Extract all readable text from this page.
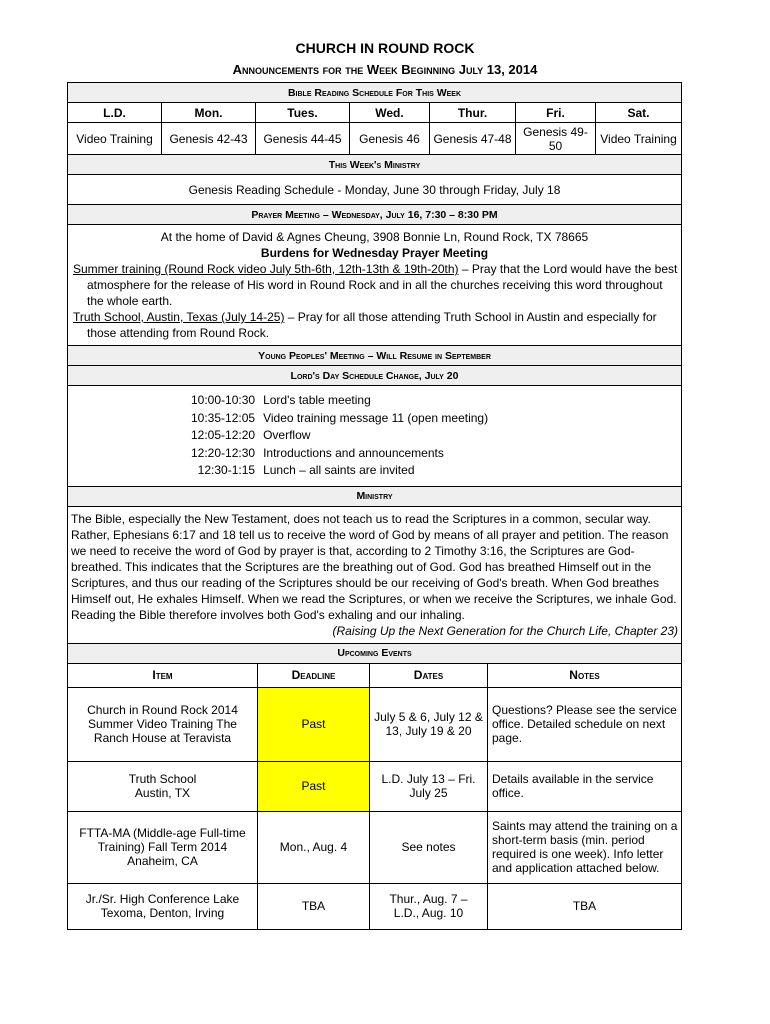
CHURCH IN ROUND ROCK
Announcements for the Week Beginning July 13, 2014
Bible Reading Schedule For This Week
L.D.	Mon.	Tues.	Wed.	Thur.	Fri.	Sat.
Video Training	Genesis 42-43	Genesis 44-45	Genesis 46	Genesis 47-48	Genesis 49-50	Video Training
This Week's Ministry
Genesis Reading Schedule - Monday, June 30 through Friday, July 18
Prayer Meeting – Wednesday, July 16, 7:30 – 8:30 PM

At the home of David & Agnes Cheung, 3908 Bonnie Ln, Round Rock, TX 78665
Burdens for Wednesday Prayer Meeting
Summer training (Round Rock video July 5th-6th, 12th-13th & 19th-20th) – Pray that the Lord would have the best atmosphere for the release of His word in Round Rock and in all the churches receiving this word throughout the whole earth.
Truth School, Austin, Texas (July 14-25) – Pray for all those attending Truth School in Austin and especially for those attending from Round Rock.

Young Peoples' Meeting – Will Resume in September
Lord's Day Schedule Change, July 20

10:00-10:30	Lord's table meeting
10:35-12:05	Video training message 11 (open meeting)
12:05-12:20	Overflow
12:20-12:30	Introductions and announcements
12:30-1:15	Lunch – all saints are invited

Ministry
The Bible, especially the New Testament, does not teach us to read the Scriptures in a common, secular way. Rather, Ephesians 6:17 and 18 tell us to receive the word of God by means of all prayer and petition. The reason we need to receive the word of God by prayer is that, according to 2 Timothy 3:16, the Scriptures are God-breathed. This indicates that the Scriptures are the breathing out of God. God has breathed Himself out in the Scriptures, and thus our reading of the Scriptures should be our receiving of God's breath. When God breathes Himself out, He exhales Himself. When we read the Scriptures, or when we receive the Scriptures, we inhale God. Reading the Bible therefore involves both God's exhaling and our inhaling.
(Raising Up the Next Generation for the Church Life, Chapter 23)
Upcoming Events			
Item	Deadline	Dates	Notes
Church in Round Rock 2014 Summer Video Training The Ranch House at Teravista	Past	July 5 & 6, July 12 & 13, July 19 & 20	Questions? Please see the service office. Detailed schedule on next page.
Truth School Austin, TX	Past	L.D. July 13 – Fri. July 25	Details available in the service office.
FTTA-MA (Middle-age Full-time Training) Fall Term 2014 Anaheim, CA	Mon., Aug. 4	See notes	Saints may attend the training on a short-term basis (min. period required is one week). Info letter and application attached below.
Jr./Sr. High Conference Lake Texoma, Denton, Irving	TBA	Thur., Aug. 7 – L.D., Aug. 10	TBA
